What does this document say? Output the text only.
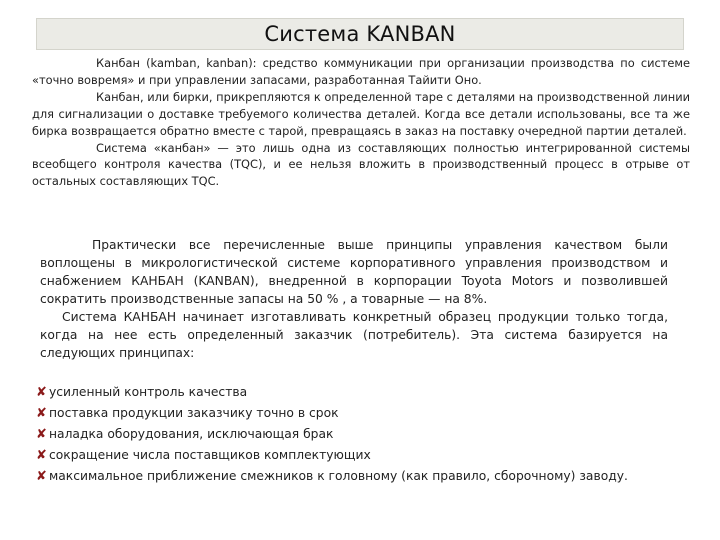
Система KANBAN

Канбан (kamban, kanban): средство коммуникации при организации производства по системе «точно вовремя» и при управлении запасами, разработанная Тайити Оно.

Канбан, или бирки, прикрепляются к определенной таре с деталями на производственной линии для сигнализации о доставке требуемого количества деталей. Когда все детали использованы, все та же бирка возвращается обратно вместе с тарой, превращаясь в заказ на поставку очередной партии деталей.

Система «канбан» — это лишь одна из составляющих полностью интегрированной системы всеобщего контроля качества (TQC), и ее нельзя вложить в производственный процесс в отрыве от остальных составляющих TQC.

Практически все перечисленные выше принципы управления качеством были воплощены в микрологистической системе корпоративного управления производством и снабжением КАНБАН (KANBAN), внедренной в корпорации Toyota Motors и позволившей сократить производственные запасы на 50 % , а товарные — на 8%.

Система КАНБАН начинает изготавливать конкретный образец продукции только тогда, когда на нее есть определенный заказчик (потребитель). Эта система базируется на следующих принципах:

✘ усиленный контроль качества
✘ поставка продукции заказчику точно в срок
✘ наладка оборудования, исключающая брак
✘ сокращение числа поставщиков комплектующих
✘ максимальное приближение смежников к головному (как правило, сборочному) заводу.
